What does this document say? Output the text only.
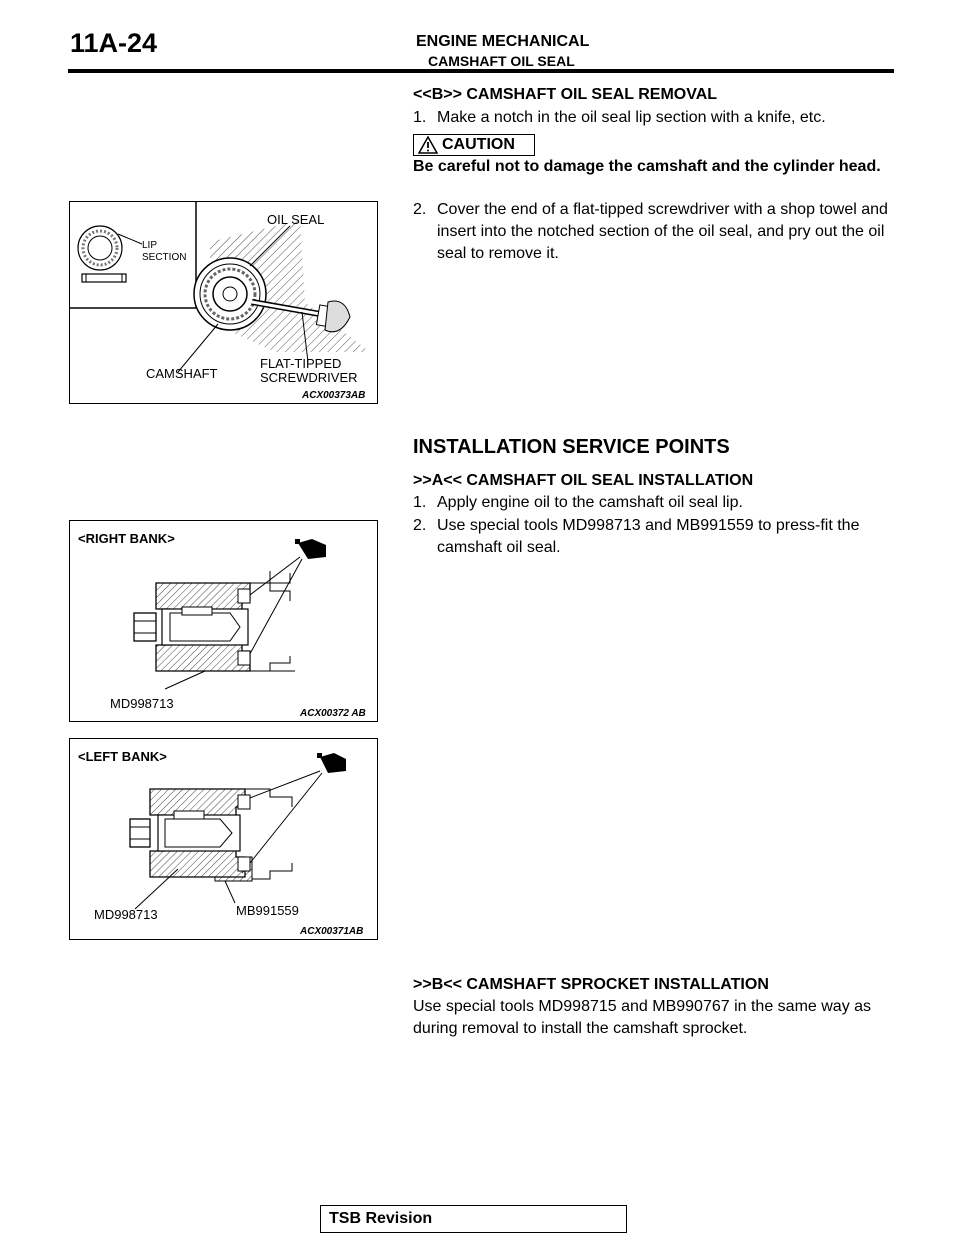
11A-24	ENGINE MECHANICAL
CAMSHAFT OIL SEAL
LIP
SECTION
OIL SEAL
CAMSHAFT
FLAT-TIPPED
SCREWDRIVER
ACX00373AB
<<B>> CAMSHAFT OIL SEAL REMOVAL
1. Make a notch in the oil seal lip section with a knife, etc.
CAUTION
Be careful not to damage the camshaft and the cylinder head.
2. Cover the end of a flat-tipped screwdriver with a shop towel and insert into the notched section of the oil seal, and pry out the oil seal to remove it.
INSTALLATION SERVICE POINTS
>>A<< CAMSHAFT OIL SEAL INSTALLATION
1. Apply engine oil to the camshaft oil seal lip.
2. Use special tools MD998713 and MB991559 to press-fit the camshaft oil seal.
<RIGHT BANK>
MD998713
ACX00372 AB
<LEFT BANK>
MD998713	MB991559
ACX00371AB
>>B<< CAMSHAFT SPROCKET INSTALLATION
Use special tools MD998715 and MB990767 in the same way as during removal to install the camshaft sprocket.
TSB Revision
